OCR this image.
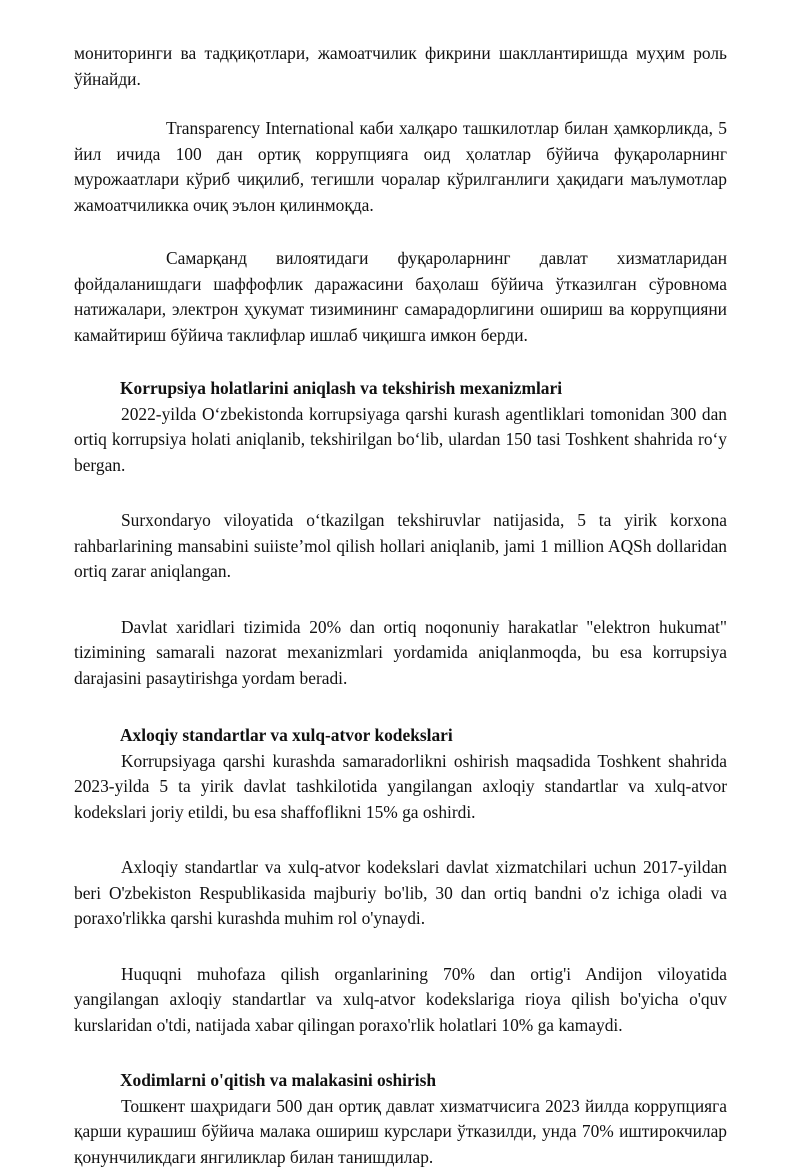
мониторинги ва тадқиқотлари, жамоатчилик фикрини шакллантиришда муҳим роль ўйнайди.

Transparency International каби халқаро ташкилотлар билан ҳамкорликда, 5 йил ичида 100 дан ортиқ коррупцияга оид ҳолатлар бўйича фуқароларнинг мурожаатлари кўриб чиқилиб, тегишли чоралар кўрилганлиги ҳақидаги маълумотлар жамоатчиликка очиқ эълон қилинмоқда.

Самарқанд вилоятидаги фуқароларнинг давлат хизматларидан фойдаланишдаги шаффофлик даражасини баҳолаш бўйича ўтказилган сўровнома натижалари, электрон ҳукумат тизимининг самарадорлигини ошириш ва коррупцияни камайтириш бўйича таклифлар ишлаб чиқишга имкон берди.

Korrupsiya holatlarini aniqlash va tekshirish mexanizmlari

2022-yilda O‘zbekistonda korrupsiyaga qarshi kurash agentliklari tomonidan 300 dan ortiq korrupsiya holati aniqlanib, tekshirilgan bo‘lib, ulardan 150 tasi Toshkent shahrida ro‘y bergan.

Surxondaryo viloyatida o‘tkazilgan tekshiruvlar natijasida, 5 ta yirik korxona rahbarlarining mansabini suiiste’mol qilish hollari aniqlanib, jami 1 million AQSh dollaridan ortiq zarar aniqlangan.

Davlat xaridlari tizimida 20% dan ortiq noqonuniy harakatlar "elektron hukumat" tizimining samarali nazorat mexanizmlari yordamida aniqlanmoqda, bu esa korrupsiya darajasini pasaytirishga yordam beradi.

Axloqiy standartlar va xulq-atvor kodekslari

Korrupsiyaga qarshi kurashda samaradorlikni oshirish maqsadida Toshkent shahrida 2023-yilda 5 ta yirik davlat tashkilotida yangilangan axloqiy standartlar va xulq-atvor kodekslari joriy etildi, bu esa shaffoflikni 15% ga oshirdi.

Axloqiy standartlar va xulq-atvor kodekslari davlat xizmatchilari uchun 2017-yildan beri O'zbekiston Respublikasida majburiy bo'lib, 30 dan ortiq bandni o'z ichiga oladi va poraxo'rlikka qarshi kurashda muhim rol o'ynaydi.

Huquqni muhofaza qilish organlarining 70% dan ortig'i Andijon viloyatida yangilangan axloqiy standartlar va xulq-atvor kodekslariga rioya qilish bo'yicha o'quv kurslaridan o'tdi, natijada xabar qilingan poraxo'rlik holatlari 10% ga kamaydi.

Xodimlarni o'qitish va malakasini oshirish

Тошкент шаҳридаги 500 дан ортиқ давлат хизматчисига 2023 йилда коррупцияга қарши курашиш бўйича малака ошириш курслари ўтказилди, унда 70% иштирокчилар қонунчиликдаги янгиликлар билан танишдилар.
